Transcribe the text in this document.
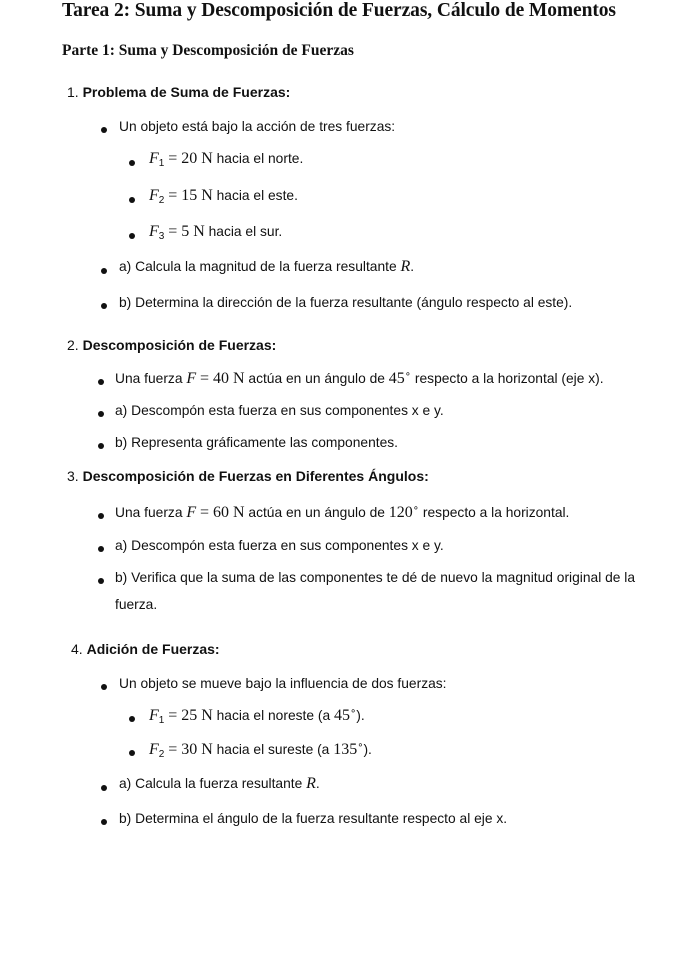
Tarea 2: Suma y Descomposición de Fuerzas, Cálculo de Momentos
Parte 1: Suma y Descomposición de Fuerzas
1. Problema de Suma de Fuerzas:
Un objeto está bajo la acción de tres fuerzas:
$F_1 = 20$ N hacia el norte.
$F_2 = 15$ N hacia el este.
$F_3 = 5$ N hacia el sur.
a) Calcula la magnitud de la fuerza resultante R.
b) Determina la dirección de la fuerza resultante (ángulo respecto al este).
2. Descomposición de Fuerzas:
Una fuerza F = 40 N actúa en un ángulo de 45∘ respecto a la horizontal (eje x).
a) Descompón esta fuerza en sus componentes x e y.
b) Representa gráficamente las componentes.
3. Descomposición de Fuerzas en Diferentes Ángulos:
Una fuerza F = 60 N actúa en un ángulo de 120∘ respecto a la horizontal.
a) Descompón esta fuerza en sus componentes x e y.
b) Verifica que la suma de las componentes te dé de nuevo la magnitud original de la
fuerza.
4. Adición de Fuerzas:
Un objeto se mueve bajo la influencia de dos fuerzas:
$F_1 = 25$ N hacia el noreste (a 45∘).
$F_2 = 30$ N hacia el sureste (a 135∘).
a) Calcula la fuerza resultante R.
b) Determina el ángulo de la fuerza resultante respecto al eje x.
